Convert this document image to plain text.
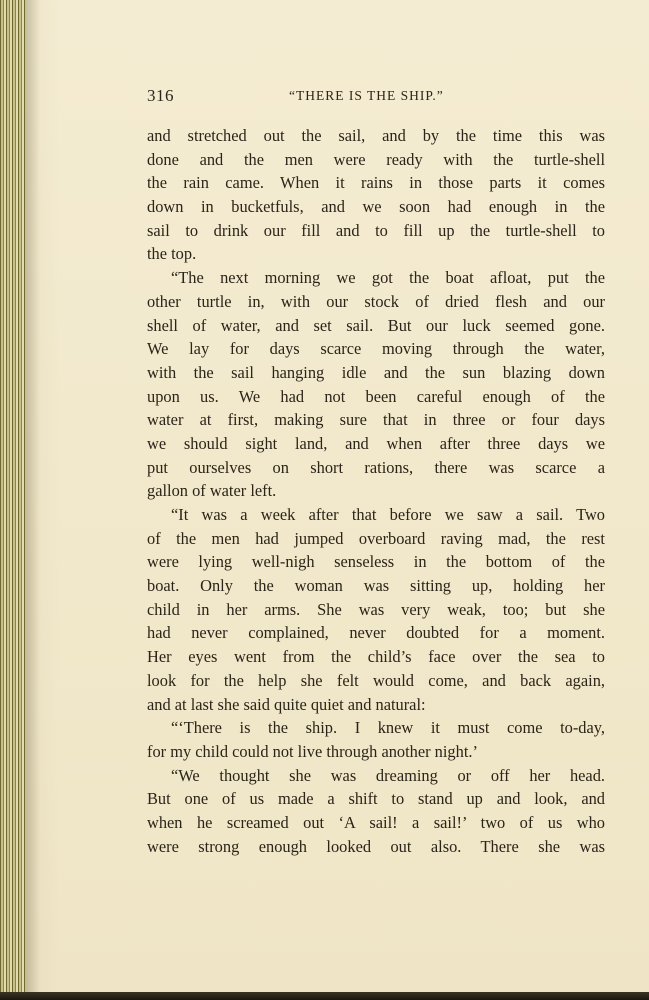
316	“THERE IS THE SHIP.”
and stretched out the sail, and by the time this was
done and the men were ready with the turtle-shell
the rain came. When it rains in those parts it comes
down in bucketfuls, and we soon had enough in the
sail to drink our fill and to fill up the turtle-shell to
the top.
“The next morning we got the boat afloat, put the
other turtle in, with our stock of dried flesh and our
shell of water, and set sail. But our luck seemed gone.
We lay for days scarce moving through the water,
with the sail hanging idle and the sun blazing down
upon us. We had not been careful enough of the
water at first, making sure that in three or four days
we should sight land, and when after three days we
put ourselves on short rations, there was scarce a
gallon of water left.
“It was a week after that before we saw a sail. Two
of the men had jumped overboard raving mad, the rest
were lying well-nigh senseless in the bottom of the
boat. Only the woman was sitting up, holding her
child in her arms. She was very weak, too; but she
had never complained, never doubted for a moment.
Her eyes went from the child’s face over the sea to
look for the help she felt would come, and back again,
and at last she said quite quiet and natural:
“‘There is the ship. I knew it must come to-day,
for my child could not live through another night.’
“We thought she was dreaming or off her head.
But one of us made a shift to stand up and look, and
when he screamed out ‘A sail! a sail!’ two of us who
were strong enough looked out also. There she was
